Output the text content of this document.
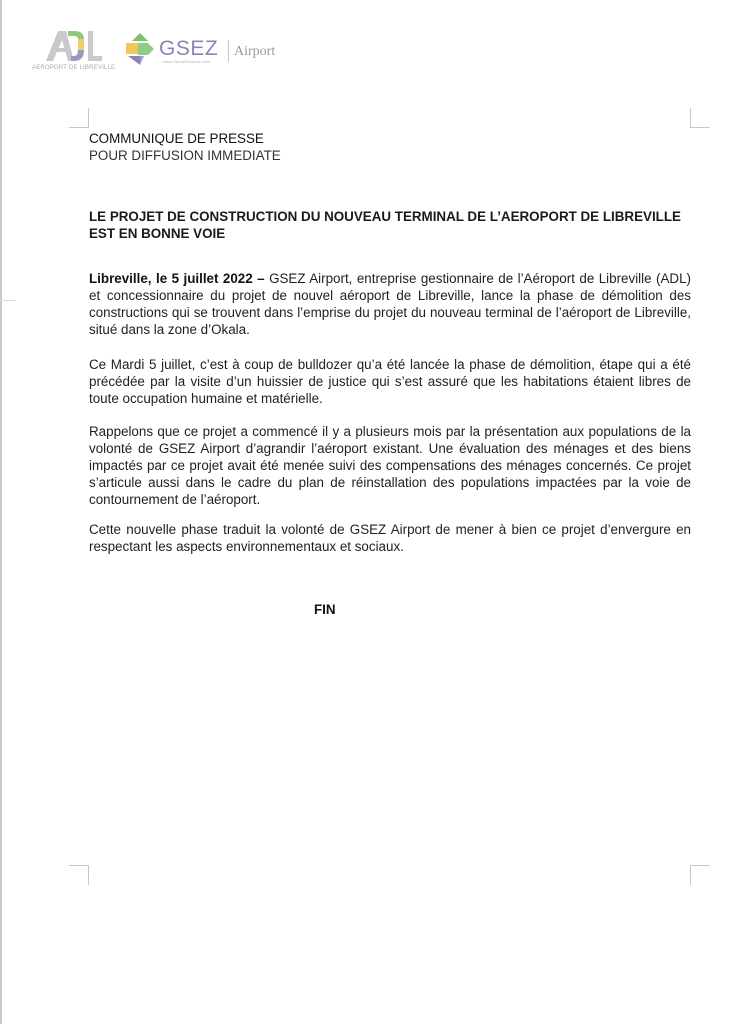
AEROPORT DE LIBREVILLE
GSEZ
Gabon Special Economic Zone
Airport
COMMUNIQUE DE PRESSE
POUR DIFFUSION IMMEDIATE
LE PROJET DE CONSTRUCTION DU NOUVEAU TERMINAL DE L’AEROPORT DE LIBREVILLE EST EN BONNE VOIE
Libreville, le 5 juillet 2022 – GSEZ Airport, entreprise gestionnaire de l’Aéroport de Libreville (ADL) et concessionnaire du projet de nouvel aéroport de Libreville, lance la phase de démolition des constructions qui se trouvent dans l’emprise du projet du nouveau terminal de l’aéroport de Libreville, situé dans la zone d’Okala.
Ce Mardi 5 juillet, c’est à coup de bulldozer qu’a été lancée la phase de démolition, étape qui a été précédée par la visite d’un huissier de justice qui s’est assuré que les habitations étaient libres de toute occupation humaine et matérielle.
Rappelons que ce projet a commencé il y a plusieurs mois par la présentation aux populations de la volonté de GSEZ Airport d’agrandir l’aéroport existant. Une évaluation des ménages et des biens impactés par ce projet avait été menée suivi des compensations des ménages concernés. Ce projet s’articule aussi dans le cadre du plan de réinstallation des populations impactées par la voie de contournement de l’aéroport.
Cette nouvelle phase traduit la volonté de GSEZ Airport de mener à bien ce projet d’envergure en respectant les aspects environnementaux et sociaux.
FIN
